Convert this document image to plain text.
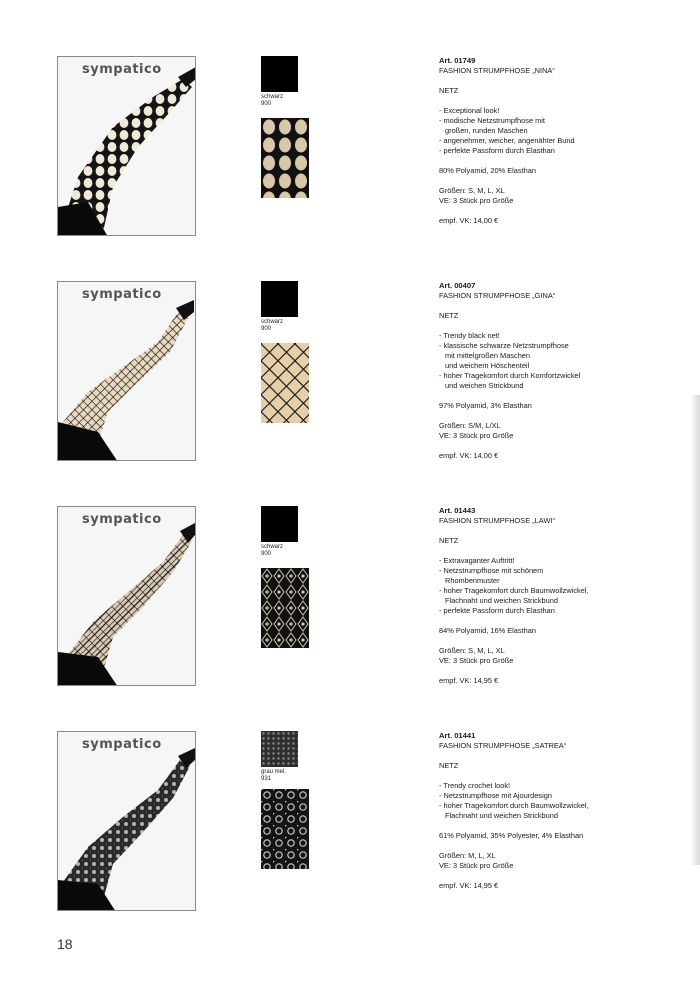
sympatico
schwarz
900
Art. 01749
FASHION STRUMPFHOSE „NINA“
NETZ
- Exceptional look!
- modische Netzstrumpfhose mit
großen, runden Maschen
- angenehmer, weicher, angenähter Bund
- perfekte Passform durch Elasthan
80% Polyamid, 20% Elasthan
Größen: S, M, L, XL
VE: 3 Stück pro Größe
empf. VK: 14,00 €
sympatico
schwarz
900
Art. 00407
FASHION STRUMPFHOSE „GINA“
NETZ
- Trendy black net!
- klassische schwarze Netzstrumpfhose
mit mittelgroßen Maschen
und weichem Höschenteil
- hoher Tragekomfort durch Komfortzwickel
und weichen Strickbund
97% Polyamid, 3% Elasthan
Größen: S/M, L/XL
VE: 3 Stück pro Größe
empf. VK: 14,00 €
sympatico
schwarz
900
Art. 01443
FASHION STRUMPFHOSE „LAWI“
NETZ
- Extravaganter Auftritt!
- Netzstrumpfhose mit schönem
Rhombenmuster
- hoher Tragekomfort durch Baumwollzwickel,
Flachnaht und weichen Strickbund
- perfekte Passform durch Elasthan
84% Polyamid, 16% Elasthan
Größen: S, M, L, XL
VE: 3 Stück pro Größe
empf. VK: 14,95 €
sympatico
grau mel.
931
Art. 01441
FASHION STRUMPFHOSE „SATREA“
NETZ
- Trendy crochet look!
- Netzstrumpfhose mit Ajourdesign
- hoher Tragekomfort durch Baumwollzwickel,
Flachnaht und weichen Strickbund
61% Polyamid, 35% Polyester, 4% Elasthan
Größen: M, L, XL
VE: 3 Stück pro Größe
empf. VK: 14,95 €
18
